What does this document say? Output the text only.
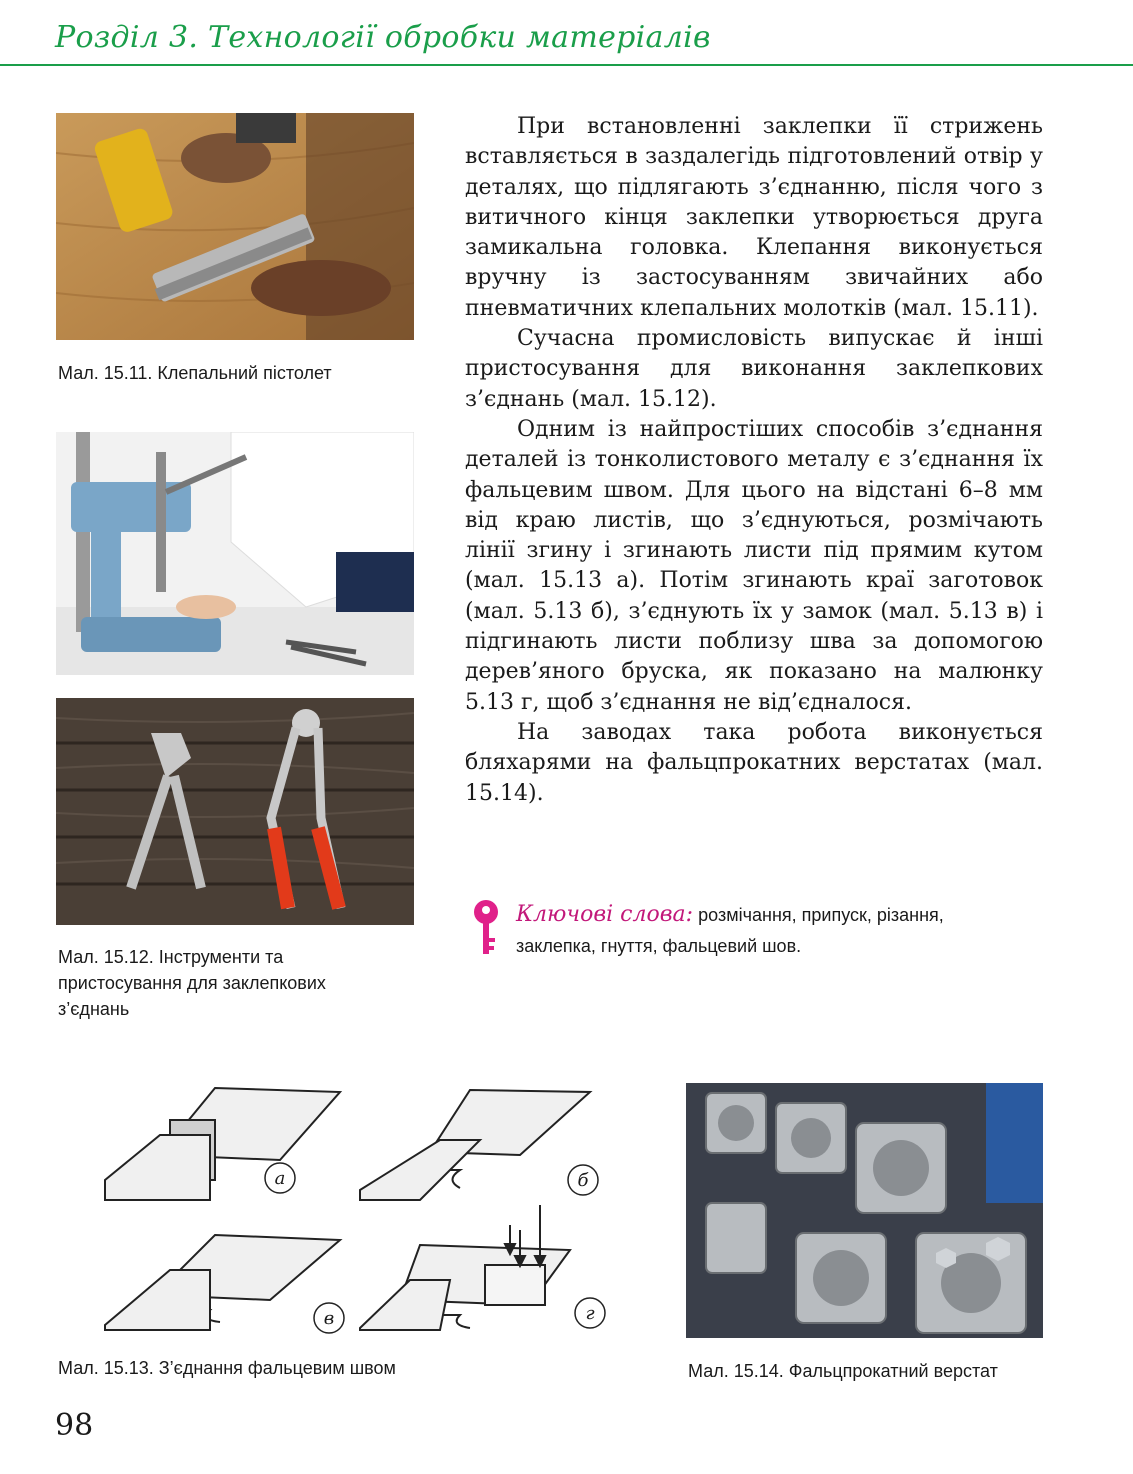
Розділ 3. Технології обробки матеріалів
Мал. 15.11. Клепальний пістолет
Мал. 15.12. Інструменти та
пристосування для заклепкових
з’єднань

При встановленні заклепки її стрижень вставляється в заздалегідь підготовлений отвір у деталях, що підлягають з’єднанню, після чого з витичного кінця заклепки утворюється друга замикальна головка. Клепання виконується вручну із застосуванням звичайних або пневматичних клепальних молотків (мал. 15.11).

Сучасна промисловість випускає й інші пристосування для виконання заклепкових з’єднань (мал. 15.12).

Одним із найпростіших способів з’єднання деталей із тонколистового металу є з’єднання їх фальцевим швом. Для цього на відстані 6–8 мм від краю листів, що з’єднуються, розмічають лінії згину і згинають листи під прямим кутом (мал. 15.13 а). Потім згинають краї заготовок (мал. 5.13 б), з’єднують їх у замок (мал. 5.13 в) і підгинають листи поблизу шва за допомогою дерев’яного бруска, як показано на малюнку 5.13 г, щоб з’єднання не від’єдналося.

На заводах така робота виконується бляхарями на фальцпрокатних верстатах (мал. 15.14).

Ключові слова: розмічання, припуск, різання, заклепка, гнуття, фальцевий шов.
а	б
в	г
Мал. 15.13. З’єднання фальцевим швом	Мал. 15.14. Фальцпрокатний верстат
98
